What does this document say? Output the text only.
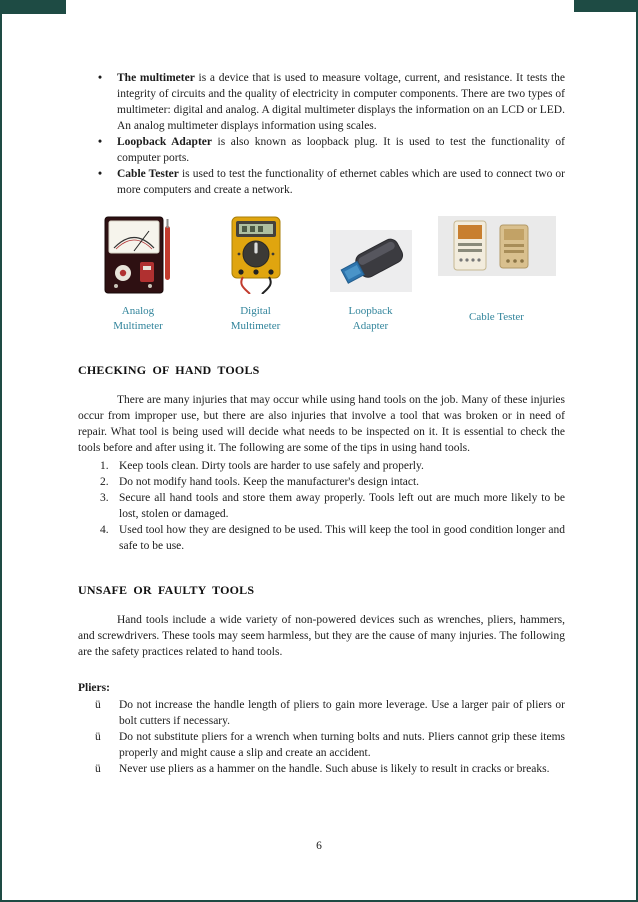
• The multimeter is a device that is used to measure voltage, current, and resistance. It tests the integrity of circuits and the quality of electricity in computer components. There are two types of multimeter: digital and analog. A digital multimeter displays the information on an LCD or LED. An analog multimeter displays information using scales.
• Loopback Adapter is also known as loopback plug. It is used to test the functionality of computer ports.
• Cable Tester is used to test the functionality of ethernet cables which are used to connect two or more computers and create a network.
Analog Multimeter
Digital Multimeter
Loopback Adapter
Cable Tester
CHECKING OF HAND TOOLS

There are many injuries that may occur while using hand tools on the job. Many of these injuries occur from improper use, but there are also injuries that involve a tool that was broken or in need of repair. What tool is being used will decide what needs to be inspected on it. It is essential to check the tools before and after using it. The following are some of the tips in using hand tools.

1. Keep tools clean. Dirty tools are harder to use safely and properly.
2. Do not modify hand tools. Keep the manufacturer's design intact.
3. Secure all hand tools and store them away properly. Tools left out are much more likely to be lost, stolen or damaged.
4. Used tool how they are designed to be used. This will keep the tool in good condition longer and safe to be use.
UNSAFE OR FAULTY TOOLS

Hand tools include a wide variety of non-powered devices such as wrenches, pliers, hammers, and screwdrivers. These tools may seem harmless, but they are the cause of many injuries. The following are the safety practices related to hand tools.

Pliers:

ü Do not increase the handle length of pliers to gain more leverage. Use a larger pair of pliers or bolt cutters if necessary.
ü Do not substitute pliers for a wrench when turning bolts and nuts. Pliers cannot grip these items properly and might cause a slip and create an accident.
ü Never use pliers as a hammer on the handle. Such abuse is likely to result in cracks or breaks.
6
